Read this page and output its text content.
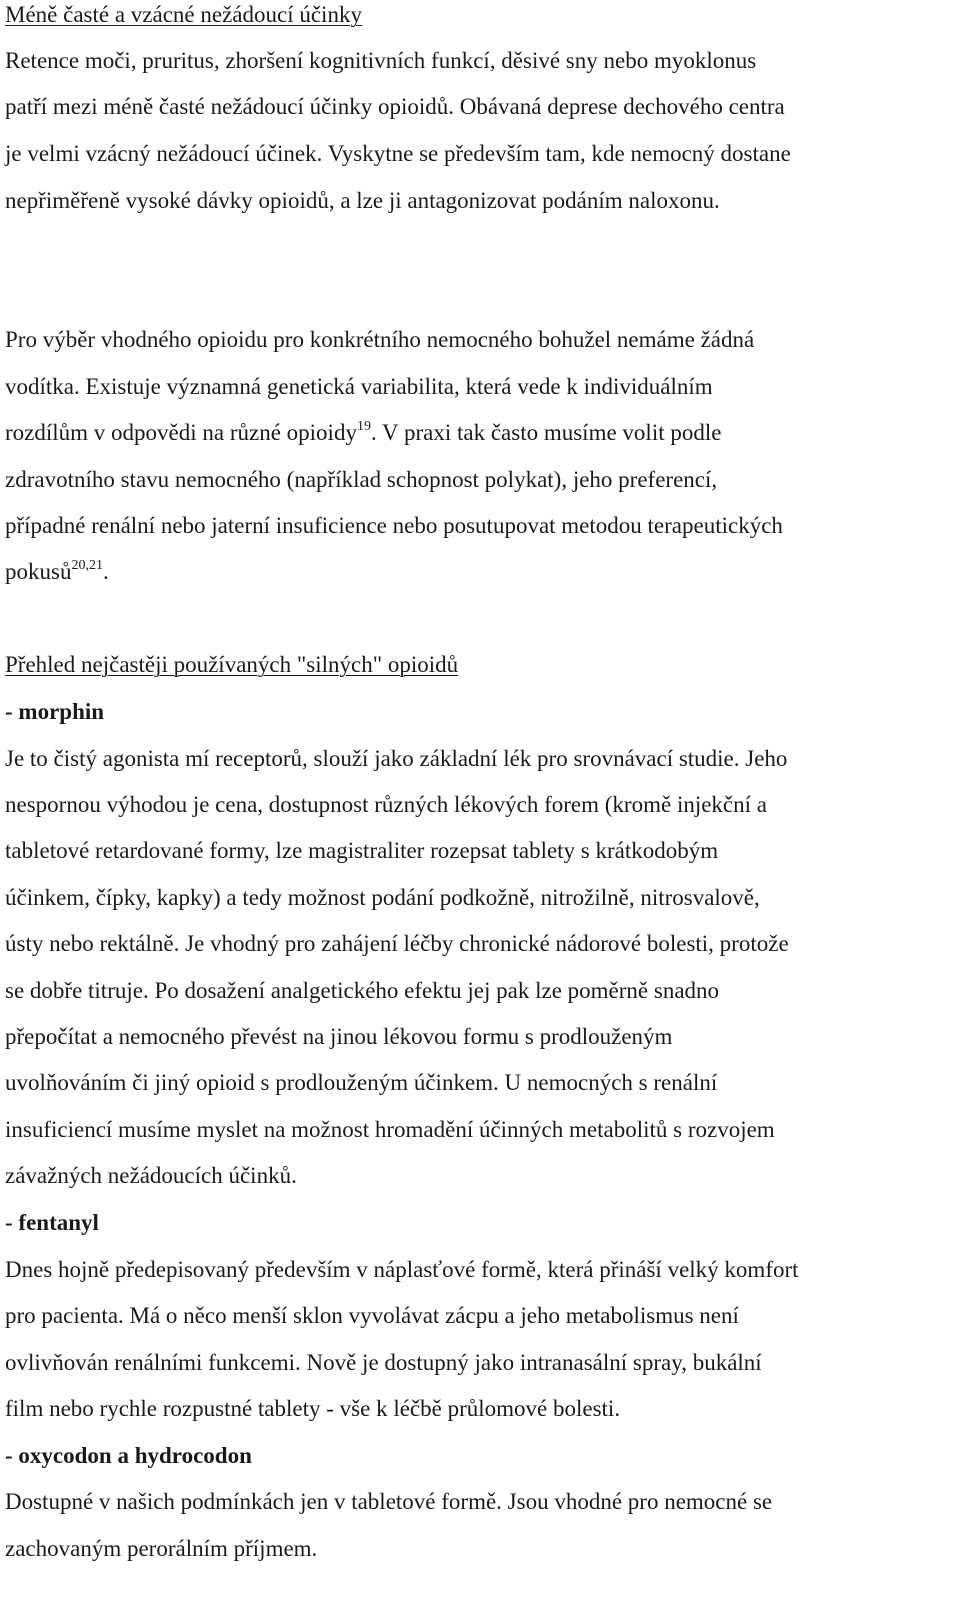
Méně časté a vzácné nežádoucí účinky
Retence moči, pruritus, zhoršení kognitivních funkcí, děsivé sny nebo myoklonus
patří mezi méně časté nežádoucí účinky opioidů. Obávaná deprese dechového centra
je velmi vzácný nežádoucí účinek. Vyskytne se především tam, kde nemocný dostane
nepřiměřeně vysoké dávky opioidů, a lze ji antagonizovat podáním naloxonu.
Pro výběr vhodného opioidu pro konkrétního nemocného bohužel nemáme žádná
vodítka. Existuje významná genetická variabilita, která vede k individuálním
rozdílům v odpovědi na různé opioidy$^{19}$. V praxi tak často musíme volit podle
zdravotního stavu nemocného (například schopnost polykat), jeho preferencí,
případné renální nebo jaterní insuficience nebo posutupovat metodou terapeutických
pokusů$^{20,21}$.
Přehled nejčastěji používaných "silných" opioidů
- morphin
Je to čistý agonista mí receptorů, slouží jako základní lék pro srovnávací studie. Jeho
nespornou výhodou je cena, dostupnost různých lékových forem (kromě injekční a
tabletové retardované formy, lze magistraliter rozepsat tablety s krátkodobým
účinkem, čípky, kapky) a tedy možnost podání podkožně, nitrožilně, nitrosvalově,
ústy nebo rektálně. Je vhodný pro zahájení léčby chronické nádorové bolesti, protože
se dobře titruje. Po dosažení analgetického efektu jej pak lze poměrně snadno
přepočítat a nemocného převést na jinou lékovou formu s prodlouženým
uvolňováním či jiný opioid s prodlouženým účinkem. U nemocných s renální
insuficiencí musíme myslet na možnost hromadění účinných metabolitů s rozvojem
závažných nežádoucích účinků.
- fentanyl
Dnes hojně předepisovaný především v náplasťové formě, která přináší velký komfort
pro pacienta. Má o něco menší sklon vyvolávat zácpu a jeho metabolismus není
ovlivňován renálními funkcemi. Nově je dostupný jako intranasální spray, bukální
film nebo rychle rozpustné tablety - vše k léčbě průlomové bolesti.
- oxycodon a hydrocodon
Dostupné v našich podmínkách jen v tabletové formě. Jsou vhodné pro nemocné se
zachovaným perorálním příjmem.
